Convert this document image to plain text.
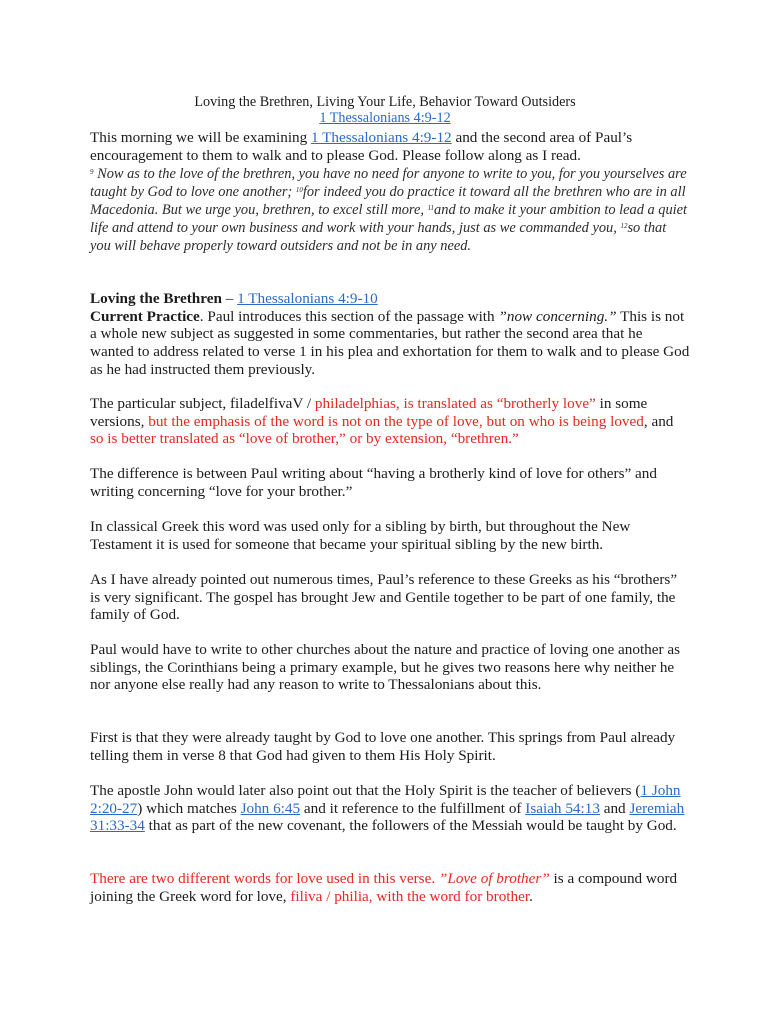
Loving the Brethren, Living Your Life, Behavior Toward Outsiders
1 Thessalonians 4:9-12
This morning we will be examining 1 Thessalonians 4:9-12 and the second area of Paul’s encouragement to them to walk and to please God. Please follow along as I read.
$^9$ Now as to the love of the brethren, you have no need for anyone to write to you, for you yourselves are taught by God to love one another; $^{10}$for indeed you do practice it toward all the brethren who are in all Macedonia. But we urge you, brethren, to excel still more, $^{11}$and to make it your ambition to lead a quiet life and attend to your own business and work with your hands, just as we commanded you, $^{12}$so that you will behave properly toward outsiders and not be in any need.
Loving the Brethren – 1 Thessalonians 4:9-10
Current Practice. Paul introduces this section of the passage with ”now concerning.” This is not a whole new subject as suggested in some commentaries, but rather the second area that he wanted to address related to verse 1 in his plea and exhortation for them to walk and to please God as he had instructed them previously.
The particular subject, filadelfivaV / philadelphias, is translated as “brotherly love” in some versions, but the emphasis of the word is not on the type of love, but on who is being loved, and so is better translated as “love of brother,” or by extension, “brethren.”
The difference is between Paul writing about “having a brotherly kind of love for others” and writing concerning “love for your brother.”
In classical Greek this word was used only for a sibling by birth, but throughout the New Testament it is used for someone that became your spiritual sibling by the new birth.
As I have already pointed out numerous times, Paul’s reference to these Greeks as his “brothers” is very significant. The gospel has brought Jew and Gentile together to be part of one family, the family of God.
Paul would have to write to other churches about the nature and practice of loving one another as siblings, the Corinthians being a primary example, but he gives two reasons here why neither he nor anyone else really had any reason to write to Thessalonians about this.
First is that they were already taught by God to love one another. This springs from Paul already telling them in verse 8 that God had given to them His Holy Spirit.
The apostle John would later also point out that the Holy Spirit is the teacher of believers (1 John 2:20-27) which matches John 6:45 and it reference to the fulfillment of Isaiah 54:13 and Jeremiah 31:33-34 that as part of the new covenant, the followers of the Messiah would be taught by God.
There are two different words for love used in this verse. ”Love of brother” is a compound word joining the Greek word for love, filiva / philia, with the word for brother.
